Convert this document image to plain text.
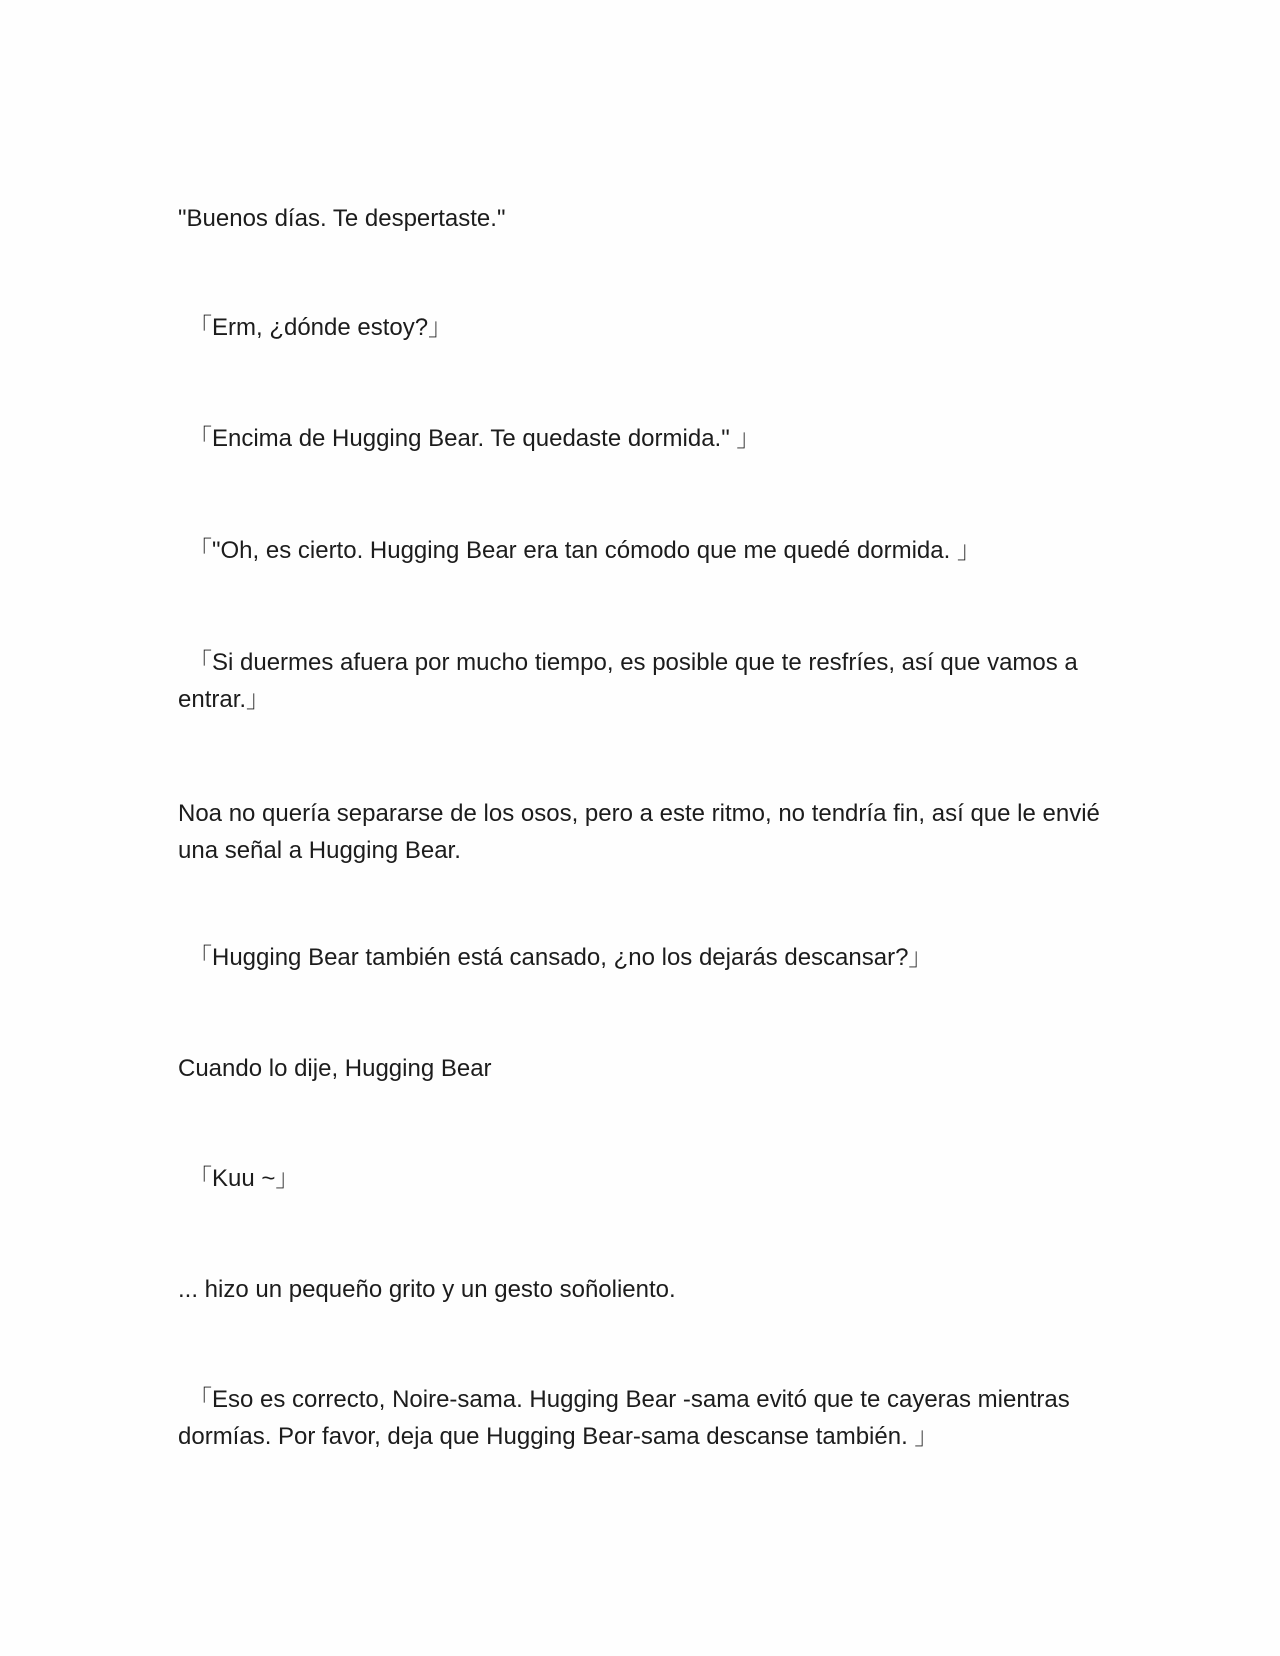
"Buenos días. Te despertaste."

「Erm, ¿dónde estoy?」

「Encima de Hugging Bear. Te quedaste dormida." 」

「"Oh, es cierto. Hugging Bear era tan cómodo que me quedé dormida. 」

「Si duermes afuera por mucho tiempo, es posible que te resfríes, así que vamos a entrar.」

Noa no quería separarse de los osos, pero a este ritmo, no tendría fin, así que le envié una señal a Hugging Bear.

「Hugging Bear también está cansado, ¿no los dejarás descansar?」

Cuando lo dije, Hugging Bear

「Kuu ~」

... hizo un pequeño grito y un gesto soñoliento.

「Eso es correcto, Noire-sama. Hugging Bear -sama evitó que te cayeras mientras dormías. Por favor, deja que Hugging Bear-sama descanse también. 」
